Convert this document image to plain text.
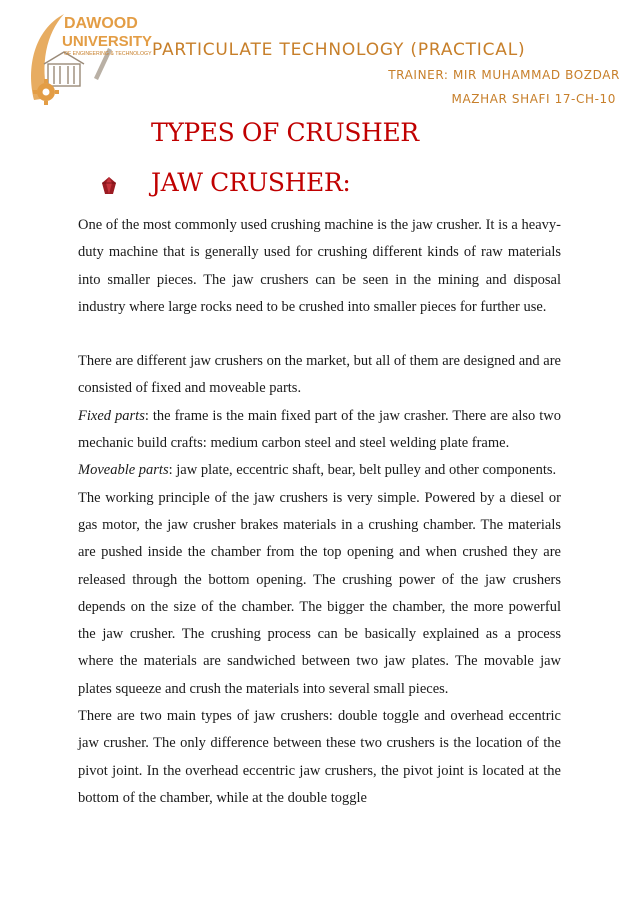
DAWOOD
UNIVERSITY
OF ENGINEERING & TECHNOLOGY PARTICULATE TECHNOLOGY (PRACTICAL)
TRAINER: MIR MUHAMMAD BOZDAR
MAZHAR SHAFI 17-CH-10
TYPES OF CRUSHER
JAW CRUSHER:

One of the most commonly used crushing machine is the jaw crusher. It is a heavy-duty machine that is generally used for crushing different kinds of raw materials into smaller pieces. The jaw crushers can be seen in the mining and disposal industry where large rocks need to be crushed into smaller pieces for further use.

There are different jaw crushers on the market, but all of them are designed and are consisted of fixed and moveable parts.

Fixed parts: the frame is the main fixed part of the jaw crasher. There are also two mechanic build crafts: medium carbon steel and steel welding plate frame.

Moveable parts: jaw plate, eccentric shaft, bear, belt pulley and other components.

The working principle of the jaw crushers is very simple. Powered by a diesel or gas motor, the jaw crusher brakes materials in a crushing chamber. The materials are pushed inside the chamber from the top opening and when crushed they are released through the bottom opening. The crushing power of the jaw crushers depends on the size of the chamber. The bigger the chamber, the more powerful the jaw crusher. The crushing process can be basically explained as a process where the materials are sandwiched between two jaw plates. The movable jaw plates squeeze and crush the materials into several small pieces.

There are two main types of jaw crushers: double toggle and overhead eccentric jaw crusher. The only difference between these two crushers is the location of the pivot joint. In the overhead eccentric jaw crushers, the pivot joint is located at the bottom of the chamber, while at the double toggle
